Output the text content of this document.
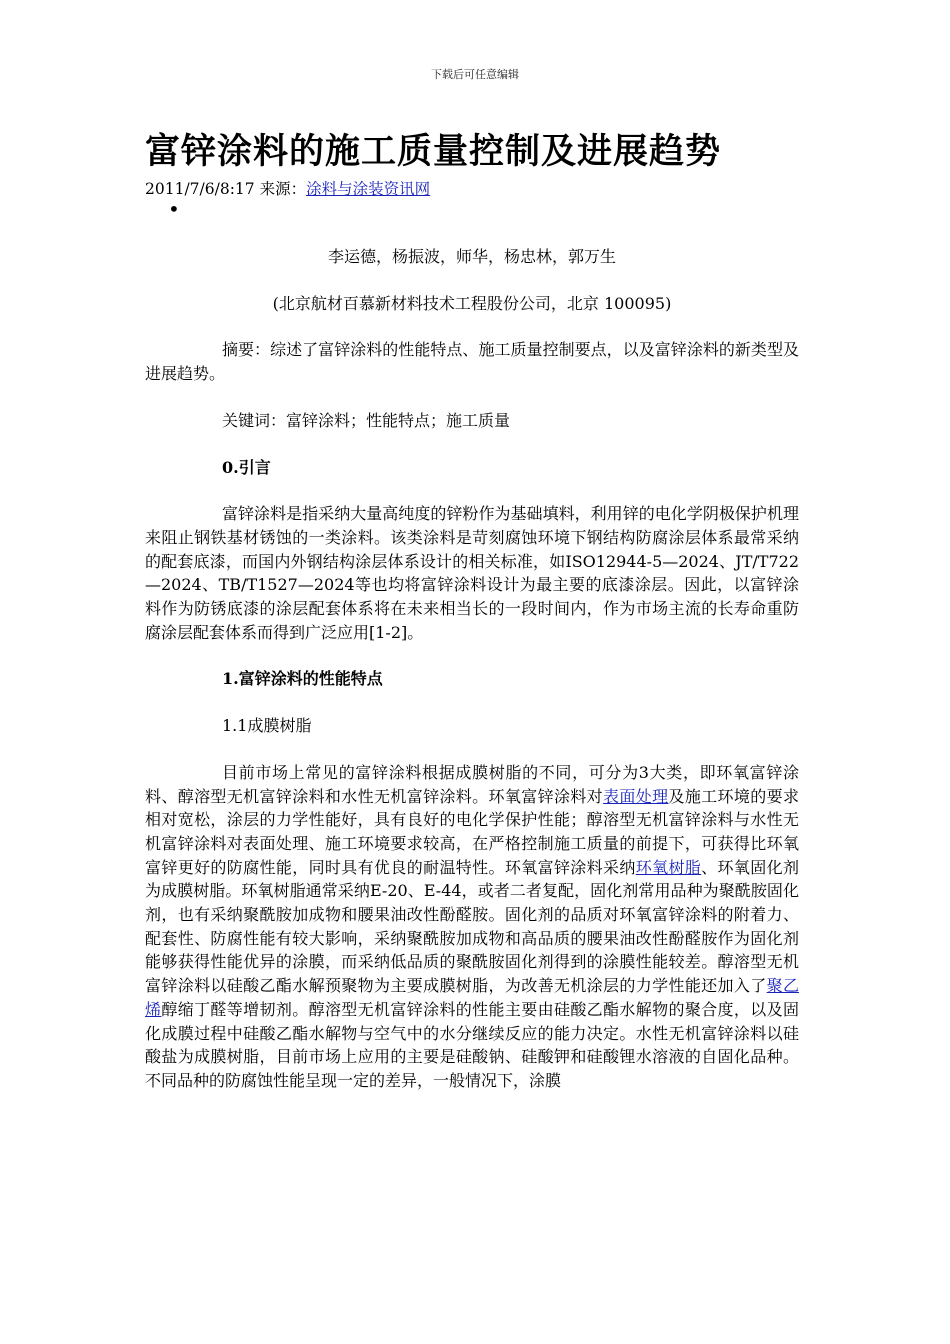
下载后可任意编辑
富锌涂料的施工质量控制及进展趋势
2011/7/6/8:17 来源：涂料与涂装资讯网
•

李运德，杨振波，师华，杨忠林，郭万生

(北京航材百慕新材料技术工程股份公司，北京 100095)

摘要：综述了富锌涂料的性能特点、施工质量控制要点，以及富锌涂料的新类型及进展趋势。

关键词：富锌涂料；性能特点；施工质量

0.引言

富锌涂料是指采纳大量高纯度的锌粉作为基础填料，利用锌的电化学阴极保护机理来阻止钢铁基材锈蚀的一类涂料。该类涂料是苛刻腐蚀环境下钢结构防腐涂层体系最常采纳的配套底漆，而国内外钢结构涂层体系设计的相关标准，如ISO12944-5—2024、JT/T722—2024、TB/T1527—2024等也均将富锌涂料设计为最主要的底漆涂层。因此，以富锌涂料作为防锈底漆的涂层配套体系将在未来相当长的一段时间内，作为市场主流的长寿命重防腐涂层配套体系而得到广泛应用[1-2]。

1.富锌涂料的性能特点

1.1成膜树脂

目前市场上常见的富锌涂料根据成膜树脂的不同，可分为3大类，即环氧富锌涂料、醇溶型无机富锌涂料和水性无机富锌涂料。环氧富锌涂料对表面处理及施工环境的要求相对宽松，涂层的力学性能好，具有良好的电化学保护性能；醇溶型无机富锌涂料与水性无机富锌涂料对表面处理、施工环境要求较高，在严格控制施工质量的前提下，可获得比环氧富锌更好的防腐性能，同时具有优良的耐温特性。环氧富锌涂料采纳环氧树脂、环氧固化剂为成膜树脂。环氧树脂通常采纳E-20、E-44，或者二者复配，固化剂常用品种为聚酰胺固化剂，也有采纳聚酰胺加成物和腰果油改性酚醛胺。固化剂的品质对环氧富锌涂料的附着力、配套性、防腐性能有较大影响，采纳聚酰胺加成物和高品质的腰果油改性酚醛胺作为固化剂能够获得性能优异的涂膜，而采纳低品质的聚酰胺固化剂得到的涂膜性能较差。醇溶型无机富锌涂料以硅酸乙酯水解预聚物为主要成膜树脂，为改善无机涂层的力学性能还加入了聚乙烯醇缩丁醛等增韧剂。醇溶型无机富锌涂料的性能主要由硅酸乙酯水解物的聚合度，以及固化成膜过程中硅酸乙酯水解物与空气中的水分继续反应的能力决定。水性无机富锌涂料以硅酸盐为成膜树脂，目前市场上应用的主要是硅酸钠、硅酸钾和硅酸锂水溶液的自固化品种。不同品种的防腐蚀性能呈现一定的差异，一般情况下，涂膜
